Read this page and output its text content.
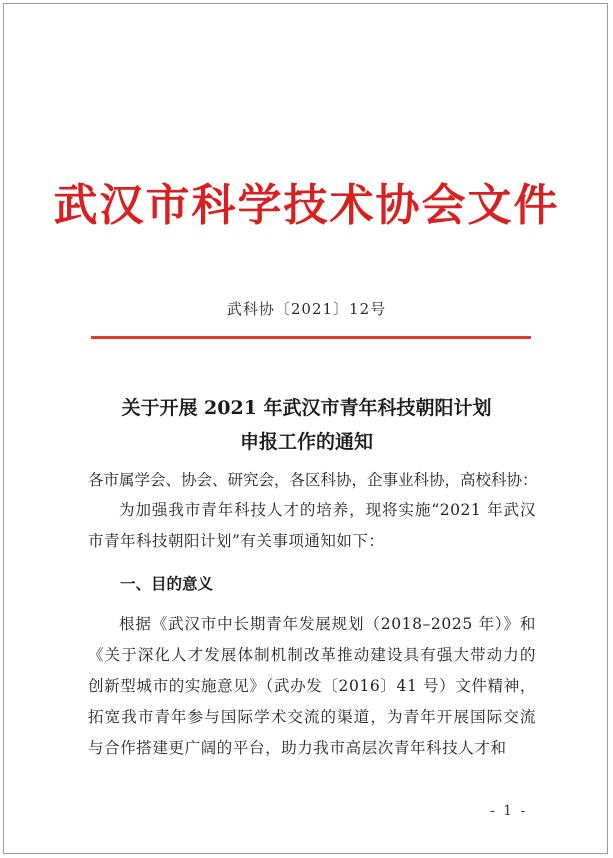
武汉市科学技术协会文件
武科协〔2021〕12号
关于开展 2021 年武汉市青年科技朝阳计划
申报工作的通知
各市属学会、协会、研究会，各区科协，企事业科协，高校科协：
为加强我市青年科技人才的培养，现将实施“2021 年武汉市青年科技朝阳计划”有关事项通知如下：
一、目的意义
根据《武汉市中长期青年发展规划（2018–2025 年）》和《关于深化人才发展体制机制改革推动建设具有强大带动力的创新型城市的实施意见》（武办发〔2016〕41 号）文件精神，拓宽我市青年参与国际学术交流的渠道，为青年开展国际交流与合作搭建更广阔的平台，助力我市高层次青年科技人才和
- 1 -
